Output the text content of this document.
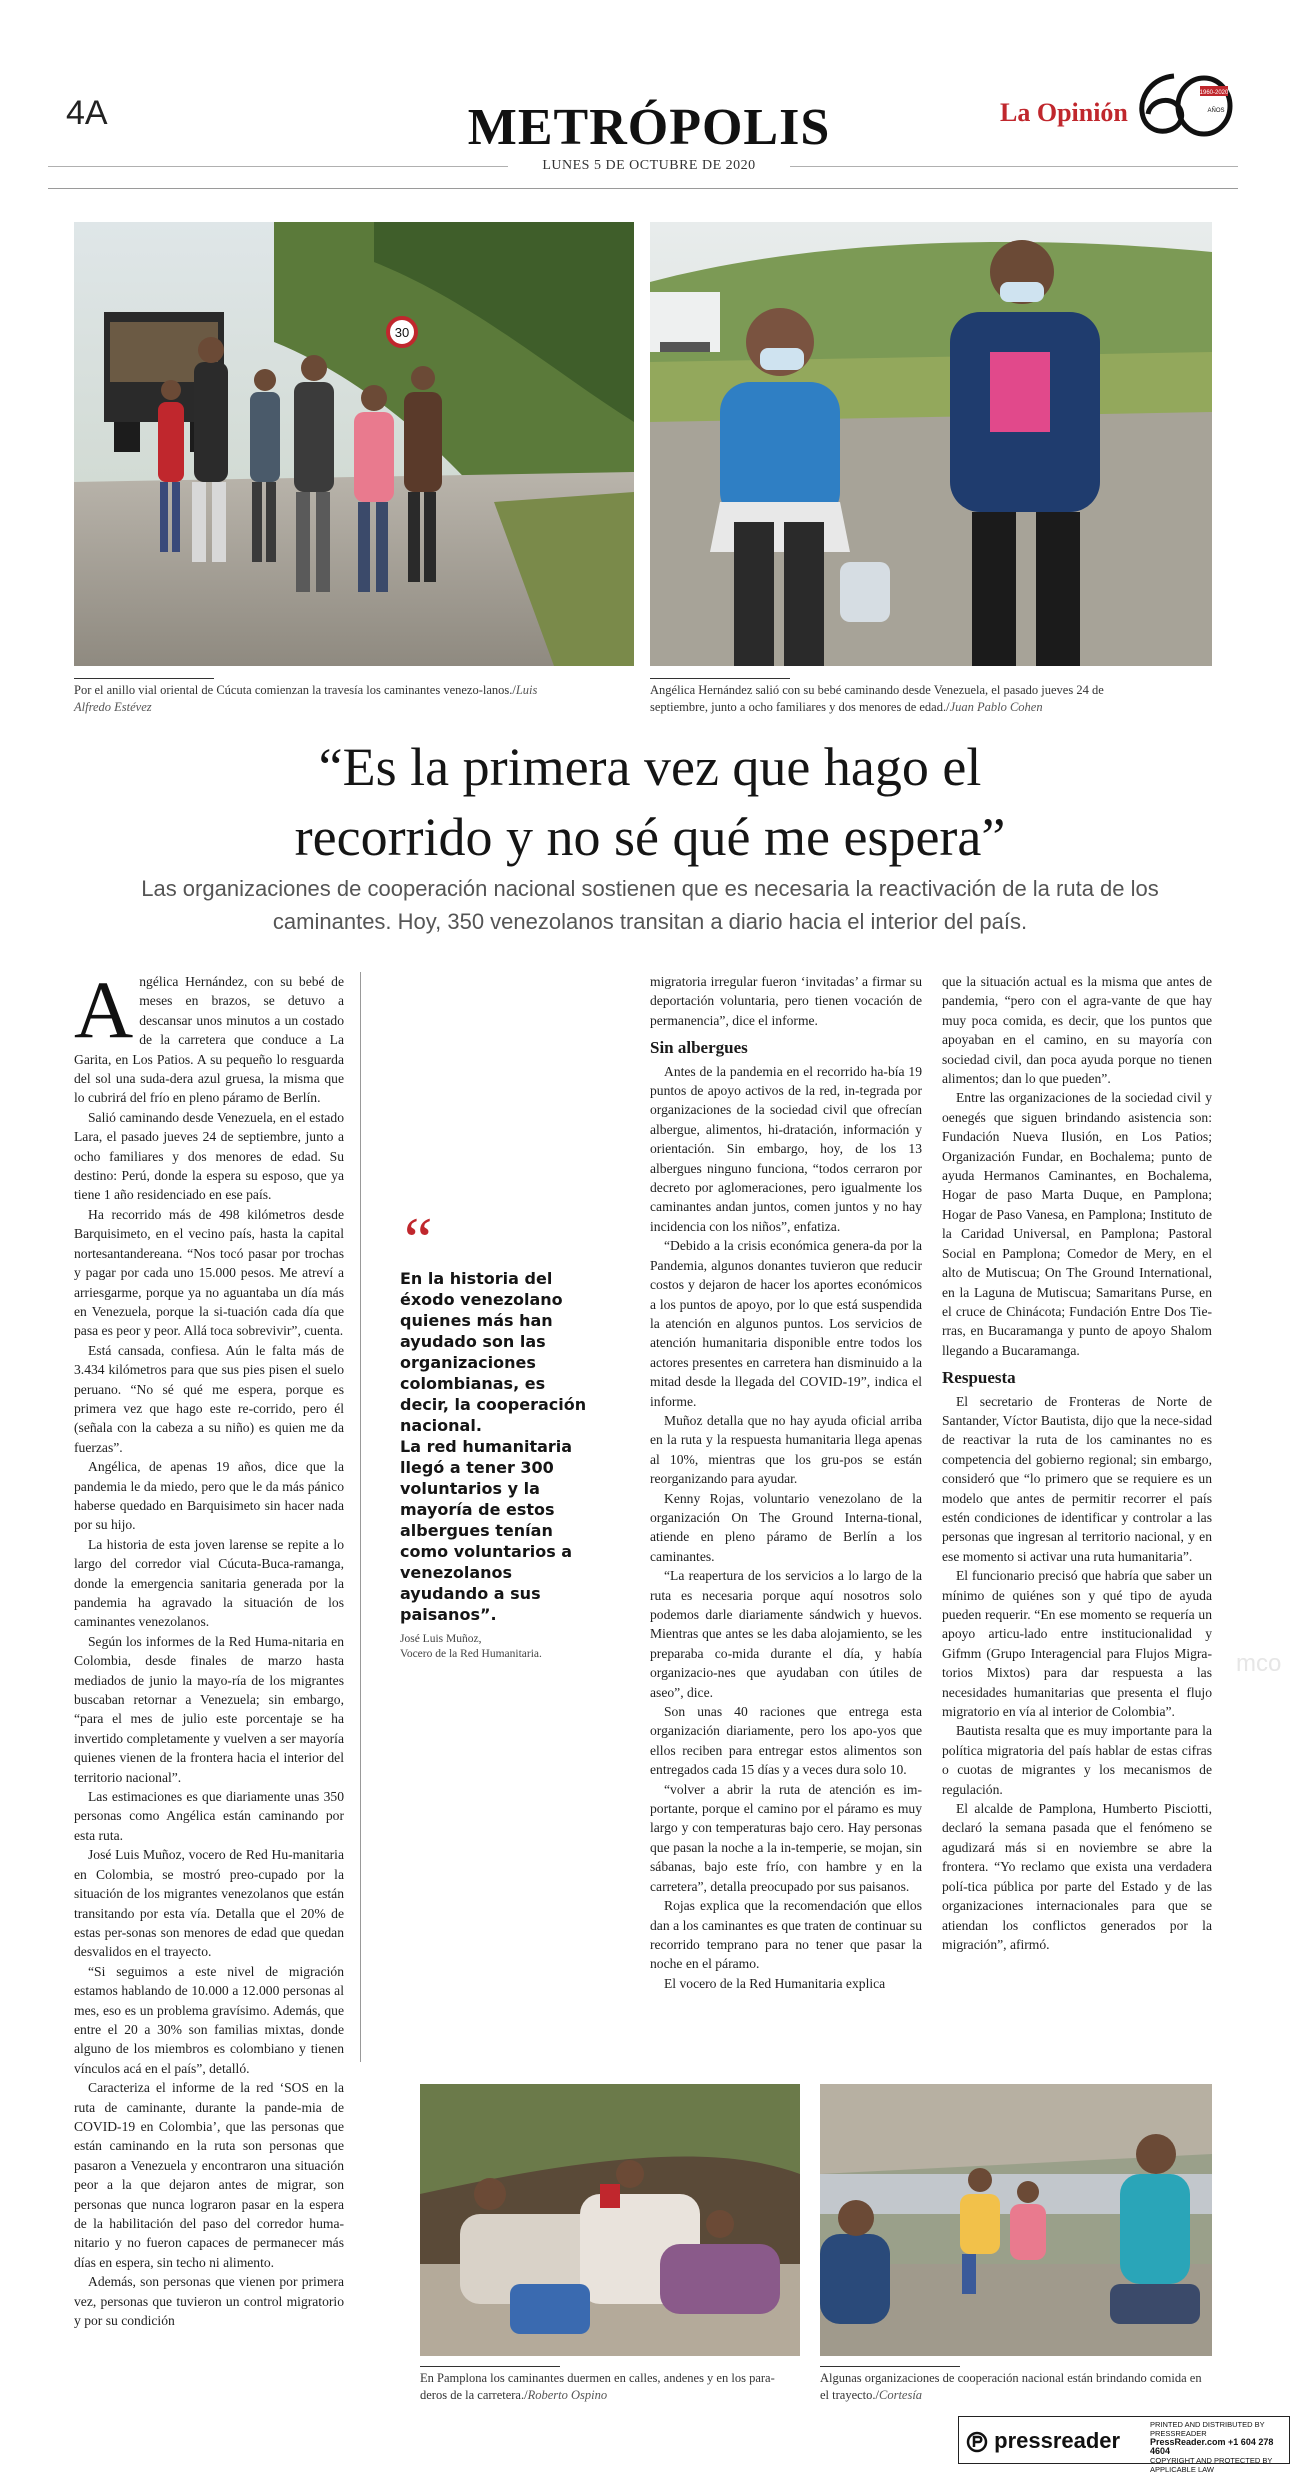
4A	METRÓPOLIS
LUNES 5 DE OCTUBRE DE 2020
La Opinión
1960-2020
AÑOS
30
Por el anillo vial oriental de Cúcuta comienzan la travesía los caminantes venezo-lanos./Luis Alfredo Estévez
Angélica Hernández salió con su bebé caminando desde Venezuela, el pasado jueves 24 de septiembre, junto a ocho familiares y dos menores de edad./Juan Pablo Cohen
“Es la primera vez que hago el
recorrido y no sé qué me espera”
Las organizaciones de cooperación nacional sostienen que es necesaria la reactivación de la ruta de los caminantes. Hoy, 350 venezolanos transitan a diario hacia el interior del país.
A ngélica Hernández, con su bebé de meses en brazos, se detuvo a descansar unos minutos a un costado de la carretera que conduce a La Garita, en Los Patios. A su pequeño lo resguarda del sol una suda-dera azul gruesa, la misma que lo cubrirá del frío en pleno páramo de Berlín.

Salió caminando desde Venezuela, en el estado Lara, el pasado jueves 24 de septiembre, junto a ocho familiares y dos menores de edad. Su destino: Perú, donde la espera su esposo, que ya tiene 1 año residenciado en ese país.

Ha recorrido más de 498 kilómetros desde Barquisimeto, en el vecino país, hasta la capital nortesantandereana. “Nos tocó pasar por trochas y pagar por cada uno 15.000 pesos. Me atreví a arriesgarme, porque ya no aguantaba un día más en Venezuela, porque la si-tuación cada día que pasa es peor y peor. Allá toca sobrevivir”, cuenta.

Está cansada, confiesa. Aún le falta más de 3.434 kilómetros para que sus pies pisen el suelo peruano. “No sé qué me espera, porque es primera vez que hago este re-corrido, pero él (señala con la cabeza a su niño) es quien me da fuerzas”.

Angélica, de apenas 19 años, dice que la pandemia le da miedo, pero que le da más pánico haberse quedado en Barquisimeto sin hacer nada por su hijo.

La historia de esta joven larense se repite a lo largo del corredor vial Cúcuta-Buca-ramanga, donde la emergencia sanitaria generada por la pandemia ha agravado la situación de los caminantes venezolanos.

Según los informes de la Red Huma-nitaria en Colombia, desde finales de marzo hasta mediados de junio la mayo-ría de los migrantes buscaban retornar a Venezuela; sin embargo, “para el mes de julio este porcentaje se ha invertido completamente y vuelven a ser mayoría quienes vienen de la frontera hacia el interior del territorio nacional”.

Las estimaciones es que diariamente unas 350 personas como Angélica están caminando por esta ruta.

José Luis Muñoz, vocero de Red Hu-manitaria en Colombia, se mostró preo-cupado por la situación de los migrantes venezolanos que están transitando por esta vía. Detalla que el 20% de estas per-sonas son menores de edad que quedan desvalidos en el trayecto.

“Si seguimos a este nivel de migración estamos hablando de 10.000 a 12.000 personas al mes, eso es un problema gravísimo. Además, que entre el 20 a 30% son familias mixtas, donde alguno de los miembros es colombiano y tienen vínculos acá en el país”, detalló.

Caracteriza el informe de la red ‘SOS en la ruta de caminante, durante la pande-mia de COVID-19 en Colombia’, que las personas que están caminando en la ruta son personas que pasaron a Venezuela y encontraron una situación peor a la que dejaron antes de migrar, son personas que nunca lograron pasar en la espera de la habilitación del paso del corredor huma-nitario y no fueron capaces de permanecer más días en espera, sin techo ni alimento.

Además, son personas que vienen por primera vez, personas que tuvieron un control migratorio y por su condición

“

En la historia del éxodo venezolano quienes más han ayudado son las organizaciones colombianas, es decir, la cooperación nacional.

La red humanitaria llegó a tener 300 voluntarios y la mayoría de estos albergues tenían como voluntarios a venezolanos ayudando a sus paisanos”.

José Luis Muñoz,
Vocero de la Red Humanitaria.

migratoria irregular fueron ‘invitadas’ a firmar su deportación voluntaria, pero tienen vocación de permanencia”, dice el informe.

Sin albergues

Antes de la pandemia en el recorrido ha-bía 19 puntos de apoyo activos de la red, in-tegrada por organizaciones de la sociedad civil que ofrecían albergue, alimentos, hi-dratación, información y orientación. Sin embargo, hoy, de los 13 albergues ninguno funciona, “todos cerraron por decreto por aglomeraciones, pero igualmente los caminantes andan juntos, comen juntos y no hay incidencia con los niños”, enfatiza.

“Debido a la crisis económica genera-da por la Pandemia, algunos donantes tuvieron que reducir costos y dejaron de hacer los aportes económicos a los puntos de apoyo, por lo que está suspendida la atención en algunos puntos. Los servicios de atención humanitaria disponible entre todos los actores presentes en carretera han disminuido a la mitad desde la llegada del COVID-19”, indica el informe.

Muñoz detalla que no hay ayuda oficial arriba en la ruta y la respuesta humanitaria llega apenas al 10%, mientras que los gru-pos se están reorganizando para ayudar.

Kenny Rojas, voluntario venezolano de la organización On The Ground Interna-tional, atiende en pleno páramo de Berlín a los caminantes.

“La reapertura de los servicios a lo largo de la ruta es necesaria porque aquí nosotros solo podemos darle diariamente sándwich y huevos. Mientras que antes se les daba alojamiento, se les preparaba co-mida durante el día, y había organizacio-nes que ayudaban con útiles de aseo”, dice.

Son unas 40 raciones que entrega esta organización diariamente, pero los apo-yos que ellos reciben para entregar estos alimentos son entregados cada 15 días y a veces dura solo 10.

“volver a abrir la ruta de atención es im-portante, porque el camino por el páramo es muy largo y con temperaturas bajo cero. Hay personas que pasan la noche a la in-temperie, se mojan, sin sábanas, bajo este frío, con hambre y en la carretera”, detalla preocupado por sus paisanos.

Rojas explica que la recomendación que ellos dan a los caminantes es que traten de continuar su recorrido temprano para no tener que pasar la noche en el páramo.

El vocero de la Red Humanitaria explica

que la situación actual es la misma que antes de pandemia, “pero con el agra-vante de que hay muy poca comida, es decir, que los puntos que apoyaban en el camino, en su mayoría con sociedad civil, dan poca ayuda porque no tienen alimentos; dan lo que pueden”.

Entre las organizaciones de la sociedad civil y oenegés que siguen brindando asistencia son: Fundación Nueva Ilusión, en Los Patios; Organización Fundar, en Bochalema; punto de ayuda Hermanos Caminantes, en Bochalema, Hogar de paso Marta Duque, en Pamplona; Hogar de Paso Vanesa, en Pamplona; Instituto de la Caridad Universal, en Pamplona; Pastoral Social en Pamplona; Comedor de Mery, en el alto de Mutiscua; On The Ground International, en la Laguna de Mutiscua; Samaritans Purse, en el cruce de Chinácota; Fundación Entre Dos Tie-rras, en Bucaramanga y punto de apoyo Shalom llegando a Bucaramanga.

Respuesta

El secretario de Fronteras de Norte de Santander, Víctor Bautista, dijo que la nece-sidad de reactivar la ruta de los caminantes no es competencia del gobierno regional; sin embargo, consideró que “lo primero que se requiere es un modelo que antes de permitir recorrer el país estén condiciones de identificar y controlar a las personas que ingresan al territorio nacional, y en ese momento si activar una ruta humanitaria”.

El funcionario precisó que habría que saber un mínimo de quiénes son y qué tipo de ayuda pueden requerir. “En ese momento se requería un apoyo articu-lado entre institucionalidad y Gifmm (Grupo Interagencial para Flujos Migra-torios Mixtos) para dar respuesta a las necesidades humanitarias que presenta el flujo migratorio en vía al interior de Colombia”.

Bautista resalta que es muy importante para la política migratoria del país hablar de estas cifras o cuotas de migrantes y los mecanismos de regulación.

El alcalde de Pamplona, Humberto Pisciotti, declaró la semana pasada que el fenómeno se agudizará más si en noviembre se abre la frontera. “Yo reclamo que exista una verdadera polí-tica pública por parte del Estado y de las organizaciones internacionales para que se atiendan los conflictos generados por la migración”, afirmó.

En Pamplona los caminantes duermen en calles, andenes y en los para-deros de la carretera./Roberto Ospino
Algunas organizaciones de cooperación nacional están brindando comida en el trayecto./Cortesía
mco
pressreader
PRINTED AND DISTRIBUTED BY PRESSREADER
PressReader.com +1 604 278 4604
COPYRIGHT AND PROTECTED BY APPLICABLE LAW
